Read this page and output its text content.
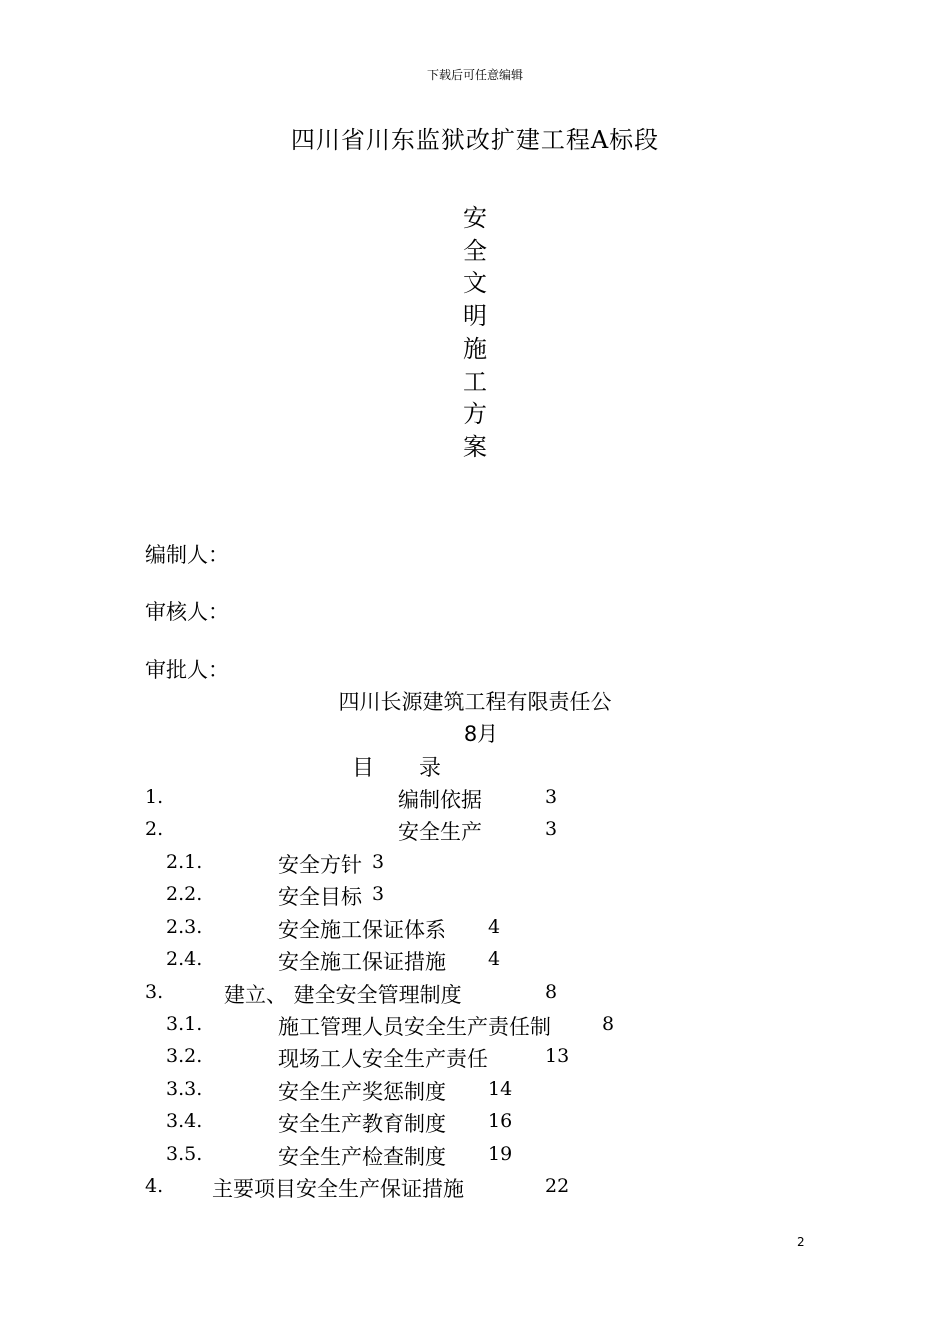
下载后可任意编辑
四川省川东监狱改扩建工程A标段
安
全
文
明
施
工
方
案
编制人：
审核人：
审批人：
四川长源建筑工程有限责任公
8月
目 录
1.	编制依据	3
2.	安全生产	3
2.1.	安全方针 3
2.2.	安全目标 3
2.3.	安全施工保证体系 4
2.4.	安全施工保证措施 4
3.	建立、 建全安全管理制度	8
3.1.	施工管理人员安全生产责任制	8
3.2.	现场工人安全生产责任	13
3.3.	安全生产奖惩制度 14
3.4.	安全生产教育制度 16
3.5.	安全生产检查制度 19
4. 主要项目安全生产保证措施	22
2
